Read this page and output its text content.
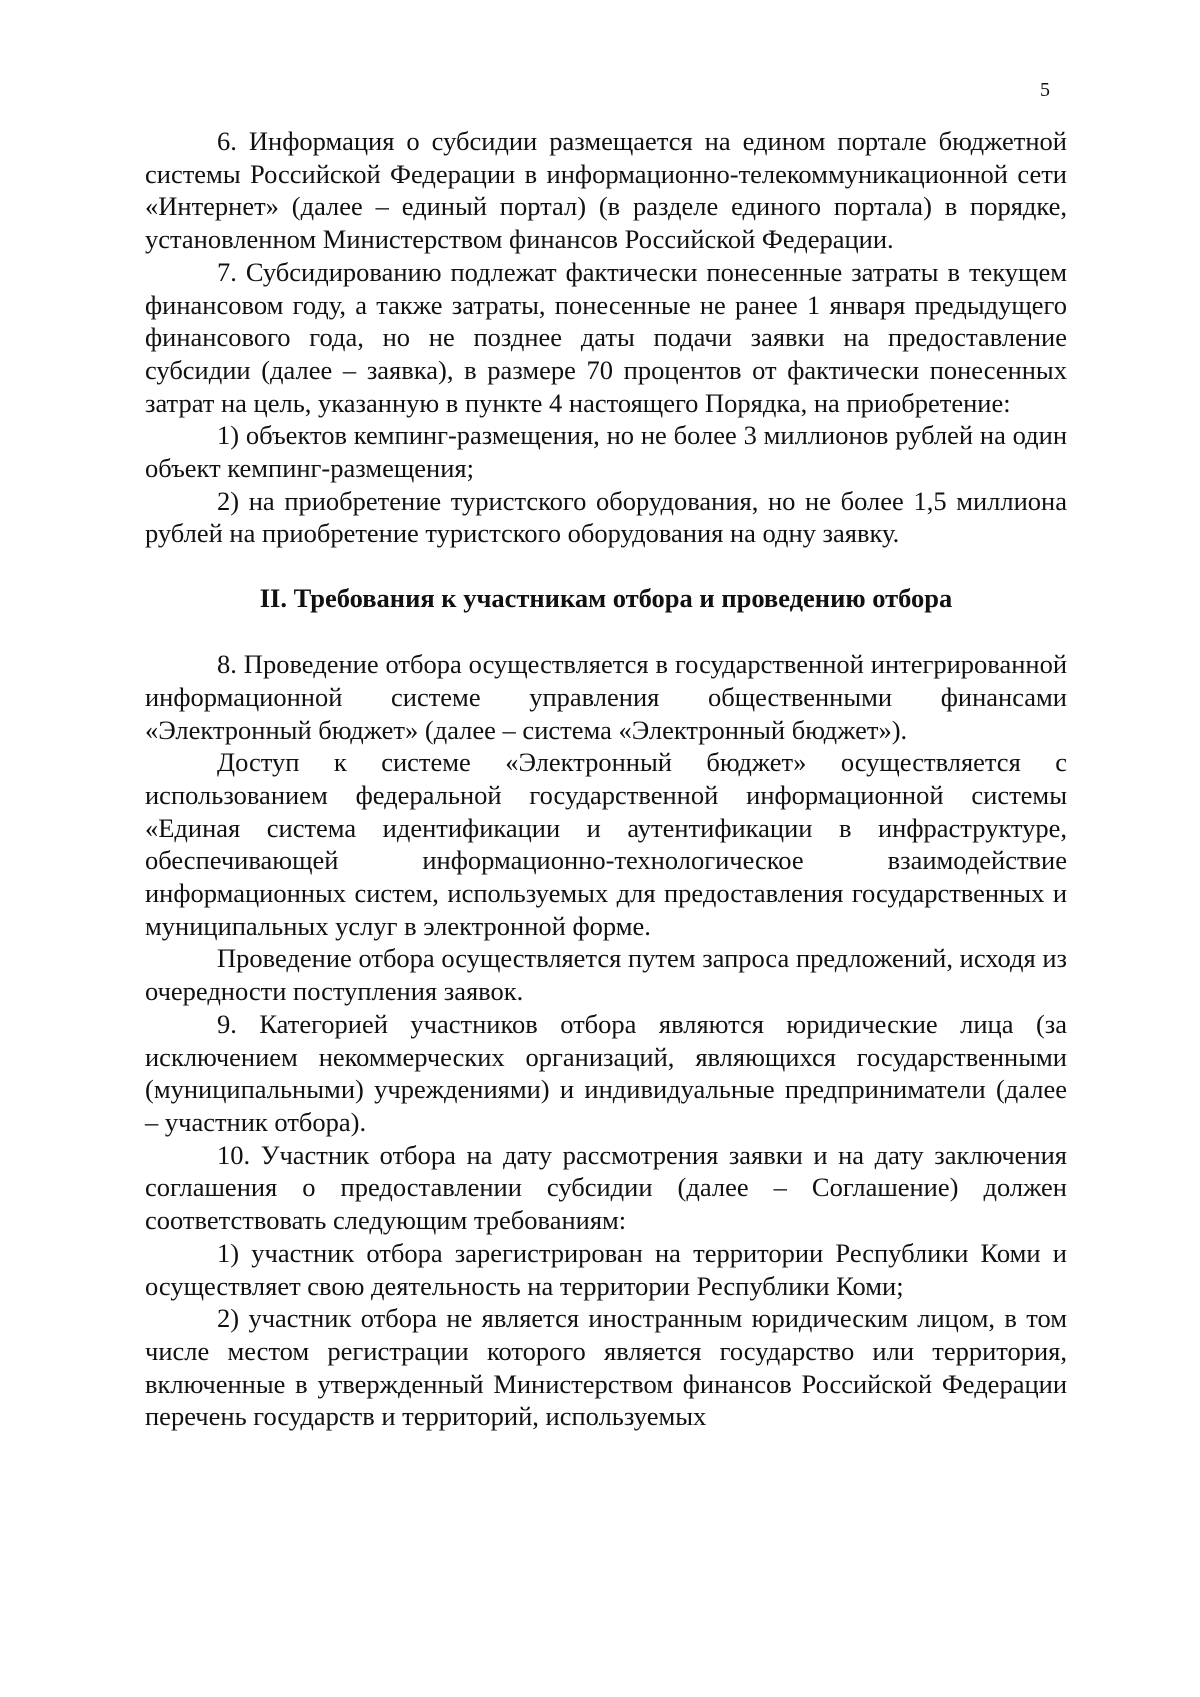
5

6. Информация о субсидии размещается на едином портале бюджетной системы Российской Федерации в информационно-телекоммуникационной сети «Интернет» (далее – единый портал) (в разделе единого портала) в порядке, установленном Министерством финансов Российской Федерации.

7. Субсидированию подлежат фактически понесенные затраты в текущем финансовом году, а также затраты, понесенные не ранее 1 января предыдущего финансового года, но не позднее даты подачи заявки на предоставление субсидии (далее – заявка), в размере 70 процентов от фактически понесенных затрат на цель, указанную в пункте 4 настоящего Порядка, на приобретение:

1) объектов кемпинг-размещения, но не более 3 миллионов рублей на один объект кемпинг-размещения;

2) на приобретение туристского оборудования, но не более 1,5 миллиона рублей на приобретение туристского оборудования на одну заявку.

II. Требования к участникам отбора и проведению отбора

8. Проведение отбора осуществляется в государственной интегрированной информационной системе управления общественными финансами «Электронный бюджет» (далее – система «Электронный бюджет»).

Доступ к системе «Электронный бюджет» осуществляется с использованием федеральной государственной информационной системы «Единая система идентификации и аутентификации в инфраструктуре, обеспечивающей информационно-технологическое взаимодействие информационных систем, используемых для предоставления государственных и муниципальных услуг в электронной форме.

Проведение отбора осуществляется путем запроса предложений, исходя из очередности поступления заявок.

9. Категорией участников отбора являются юридические лица (за исключением некоммерческих организаций, являющихся государственными (муниципальными) учреждениями) и индивидуальные предприниматели (далее – участник отбора).

10. Участник отбора на дату рассмотрения заявки и на дату заключения соглашения о предоставлении субсидии (далее – Соглашение) должен соответствовать следующим требованиям:

1) участник отбора зарегистрирован на территории Республики Коми и осуществляет свою деятельность на территории Республики Коми;

2) участник отбора не является иностранным юридическим лицом, в том числе местом регистрации которого является государство или территория, включенные в утвержденный Министерством финансов Российской Федерации перечень государств и территорий, используемых
